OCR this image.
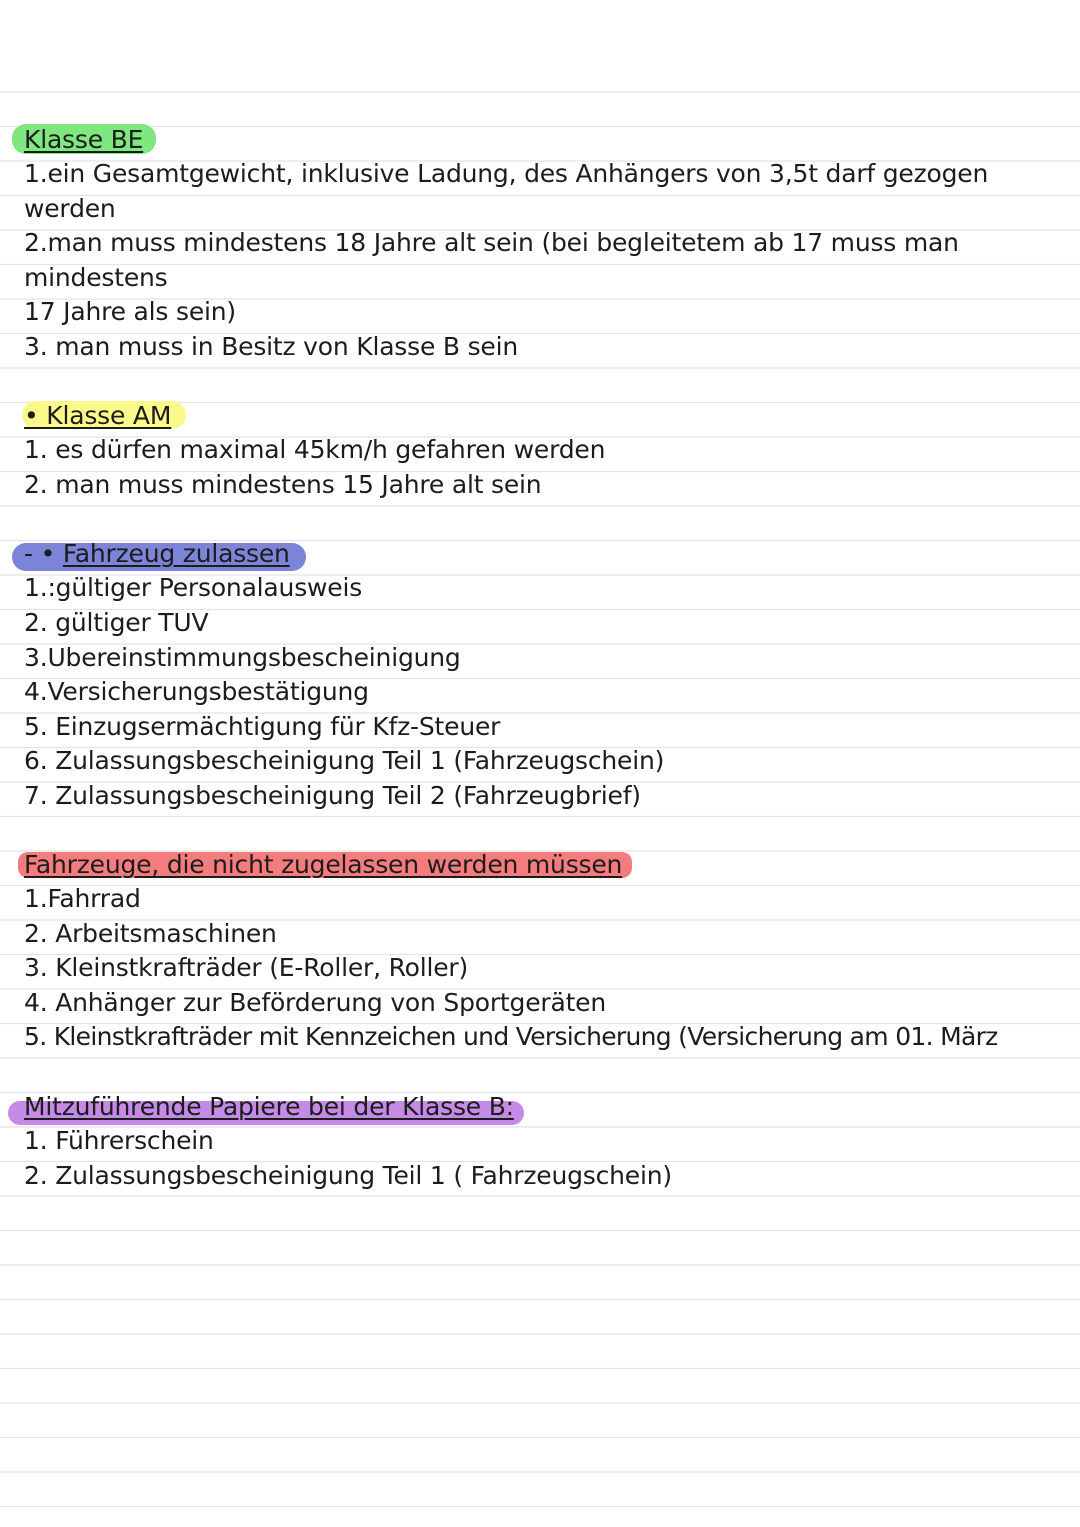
Klasse BE
1.ein Gesamtgewicht, inklusive Ladung, des Anhängers von 3,5t darf gezogen
werden
2.man muss mindestens 18 Jahre alt sein (bei begleitetem ab 17 muss man
mindestens
17 Jahre als sein)
3. man muss in Besitz von Klasse B sein
• Klasse AM
1. es dürfen maximal 45km/h gefahren werden
2. man muss mindestens 15 Jahre alt sein
- • Fahrzeug zulassen
1.:gültiger Personalausweis
2. gültiger TUV
3.Ubereinstimmungsbescheinigung
4.Versicherungsbestätigung
5. Einzugsermächtigung für Kfz-Steuer
6. Zulassungsbescheinigung Teil 1 (Fahrzeugschein)
7. Zulassungsbescheinigung Teil 2 (Fahrzeugbrief)
Fahrzeuge, die nicht zugelassen werden müssen
1.Fahrrad
2. Arbeitsmaschinen
3. Kleinstkrafträder (E-Roller, Roller)
4. Anhänger zur Beförderung von Sportgeräten
5. Kleinstkrafträder mit Kennzeichen und Versicherung (Versicherung am 01. März
Mitzuführende Papiere bei der Klasse B:
1. Führerschein
2. Zulassungsbescheinigung Teil 1 ( Fahrzeugschein)
